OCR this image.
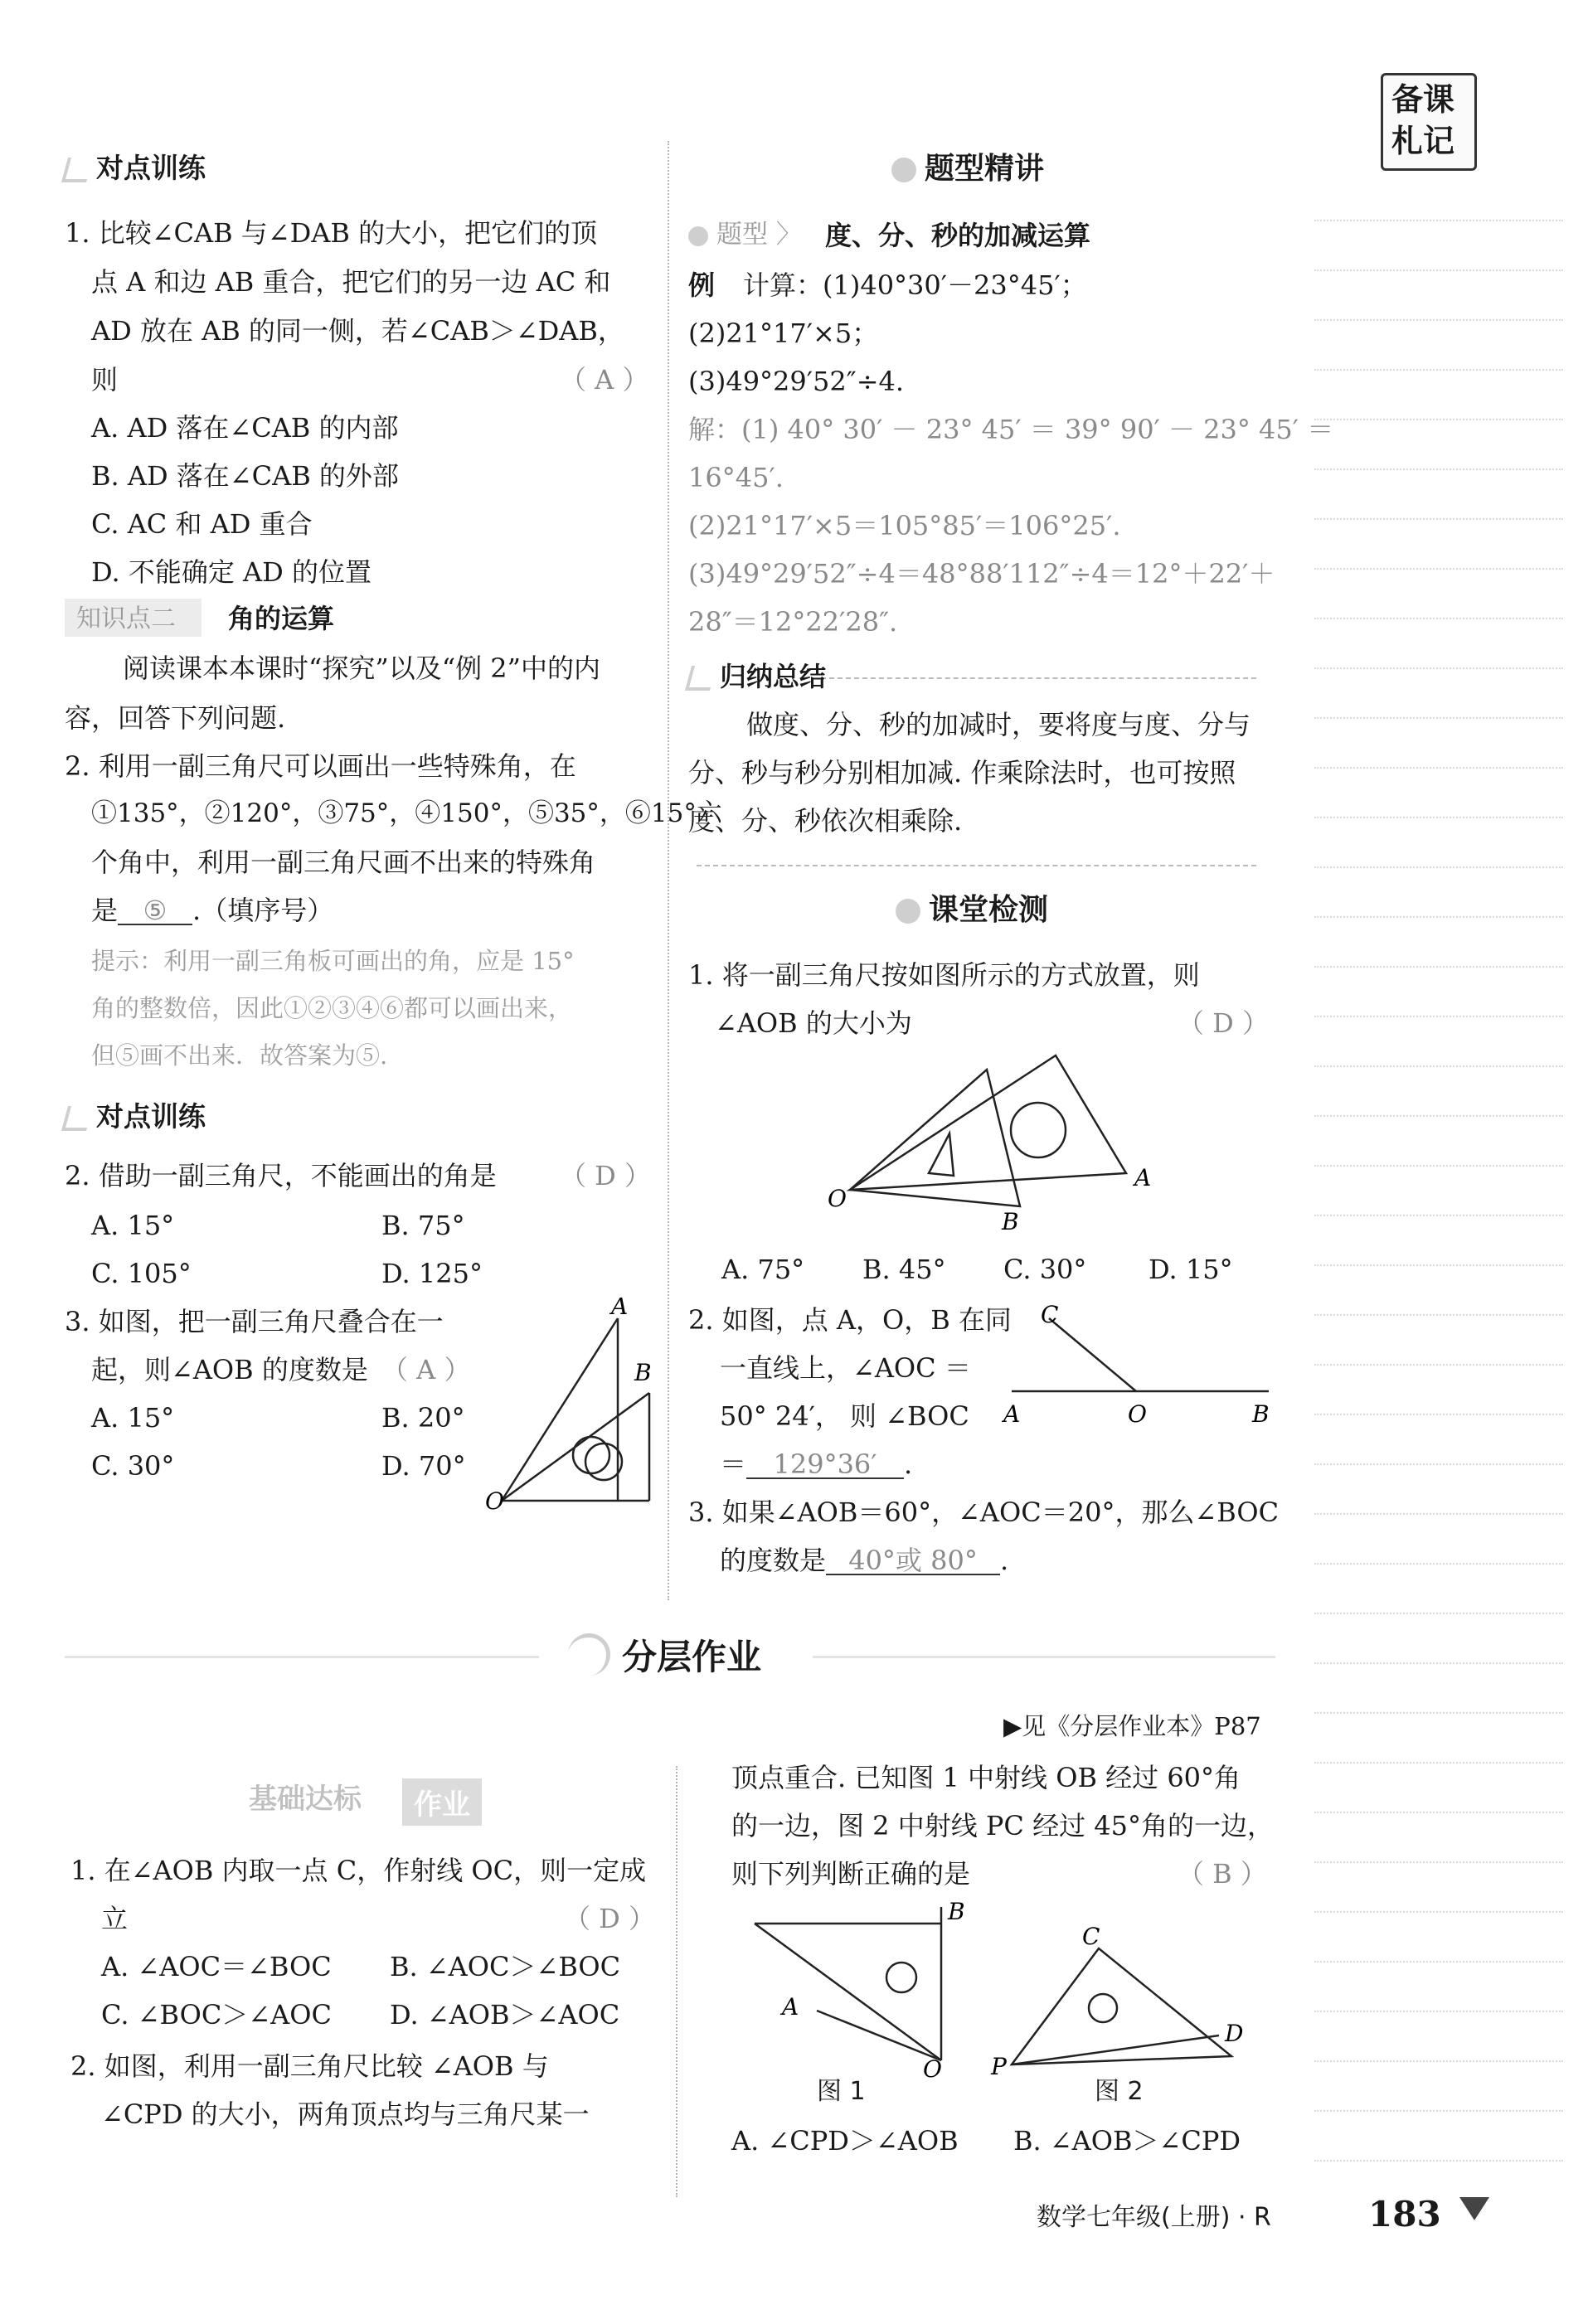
备课
札记
对点训练
1. 比较∠CAB 与∠DAB 的大小，把它们的顶
点 A 和边 AB 重合，把它们的另一边 AC 和
AD 放在 AB 的同一侧，若∠CAB＞∠DAB，
则	（ A ）
A. AD 落在∠CAB 的内部
B. AD 落在∠CAB 的外部
C. AC 和 AD 重合
D. 不能确定 AD 的位置
知识点二 角的运算
阅读课本本课时“探究”以及“例 2”中的内
容，回答下列问题.
2. 利用一副三角尺可以画出一些特殊角，在
①135°，②120°，③75°，④150°，⑤35°，⑥15°六
个角中，利用一副三角尺画不出来的特殊角
是 ⑤ .（填序号）
提示：利用一副三角板可画出的角，应是 15°
角的整数倍，因此①②③④⑥都可以画出来，
但⑤画不出来．故答案为⑤.
对点训练
2. 借助一副三角尺，不能画出的角是 （ D ）
A. 15°	B. 75°
C. 105°	D. 125°
3. 如图，把一副三角尺叠合在一
起，则∠AOB 的度数是 （ A ）
A. 15°	B. 20°
C. 30°	D. 70°
A
B
O
题型精讲
题型 〉 度、分、秒的加减运算
例 计算：(1)40°30′－23°45′；
(2)21°17′×5；
(3)49°29′52″÷4.
解：(1) 40° 30′ － 23° 45′ ＝ 39° 90′ － 23° 45′ ＝
16°45′.
(2)21°17′×5＝105°85′＝106°25′.
(3)49°29′52″÷4＝48°88′112″÷4＝12°＋22′＋
28″＝12°22′28″.
归纳总结
做度、分、秒的加减时，要将度与度、分与
分、秒与秒分别相加减. 作乘除法时，也可按照
度、分、秒依次相乘除.
课堂检测
1. 将一副三角尺按如图所示的方式放置，则
∠AOB 的大小为	（ D ）
O
A
B
A. 75° B. 45° C. 30° D. 15°
2. 如图，点 A，O，B 在同
一直线上，∠AOC ＝
50° 24′， 则 ∠BOC
＝ 129°36′ .
C
A	O	B
3. 如果∠AOB＝60°，∠AOC＝20°，那么∠BOC
的度数是 40°或 80° .
分层作业
▶见《分层作业本》P87
基础达标	作业
1. 在∠AOB 内取一点 C，作射线 OC，则一定成
立	（ D ）
A. ∠AOC＝∠BOC B. ∠AOC＞∠BOC
C. ∠BOC＞∠AOC D. ∠AOB＞∠AOC
2. 如图，利用一副三角尺比较 ∠AOB 与
∠CPD 的大小，两角顶点均与三角尺某一
顶点重合. 已知图 1 中射线 OB 经过 60°角
的一边，图 2 中射线 PC 经过 45°角的一边，
则下列判断正确的是	（ B ）
B
A
O
图 1
C
D
P
图 2
A. ∠CPD＞∠AOB B. ∠AOB＞∠CPD
数学七年级(上册) · R	183
